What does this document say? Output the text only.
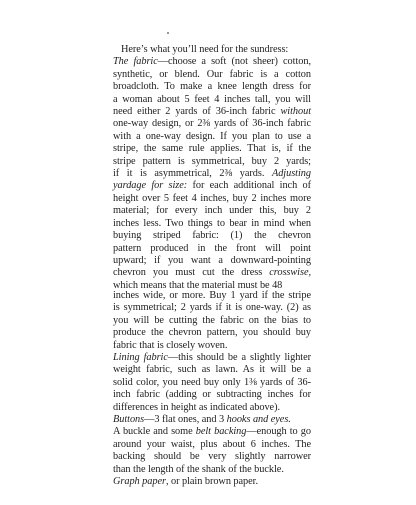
Here’s what you’ll need for the sundress:
The fabric—choose a soft (not sheer) cotton,
synthetic, or blend. Our fabric is a cotton
broadcloth. To make a knee length dress for
a woman about 5 feet 4 inches tall, you will
need either 2 yards of 36-inch fabric without
one-way design, or 2⅜ yards of 36-inch fabric
with a one-way design. If you plan to use a
stripe, the same rule applies. That is, if the
stripe pattern is symmetrical, buy 2 yards;
if it is asymmetrical, 2⅜ yards. Adjusting
yardage for size: for each additional inch of
height over 5 feet 4 inches, buy 2 inches more
material; for every inch under this, buy 2
inches less. Two things to bear in mind when
buying striped fabric: (1) the chevron
pattern produced in the front will point
upward; if you want a downward-pointing
chevron you must cut the dress crosswise,
which means that the material must be 48
inches wide, or more. Buy 1 yard if the stripe
is symmetrical; 2 yards if it is one-way. (2) as
you will be cutting the fabric on the bias to
produce the chevron pattern, you should buy
fabric that is closely woven.
Lining fabric—this should be a slightly lighter
weight fabric, such as lawn. As it will be a
solid color, you need buy only 1⅜ yards of 36-
inch fabric (adding or subtracting inches for
differences in height as indicated above).
Buttons—3 flat ones, and 3 hooks and eyes.
A buckle and some belt backing—enough to go
around your waist, plus about 6 inches. The
backing should be very slightly narrower
than the length of the shank of the buckle.
Graph paper, or plain brown paper.
